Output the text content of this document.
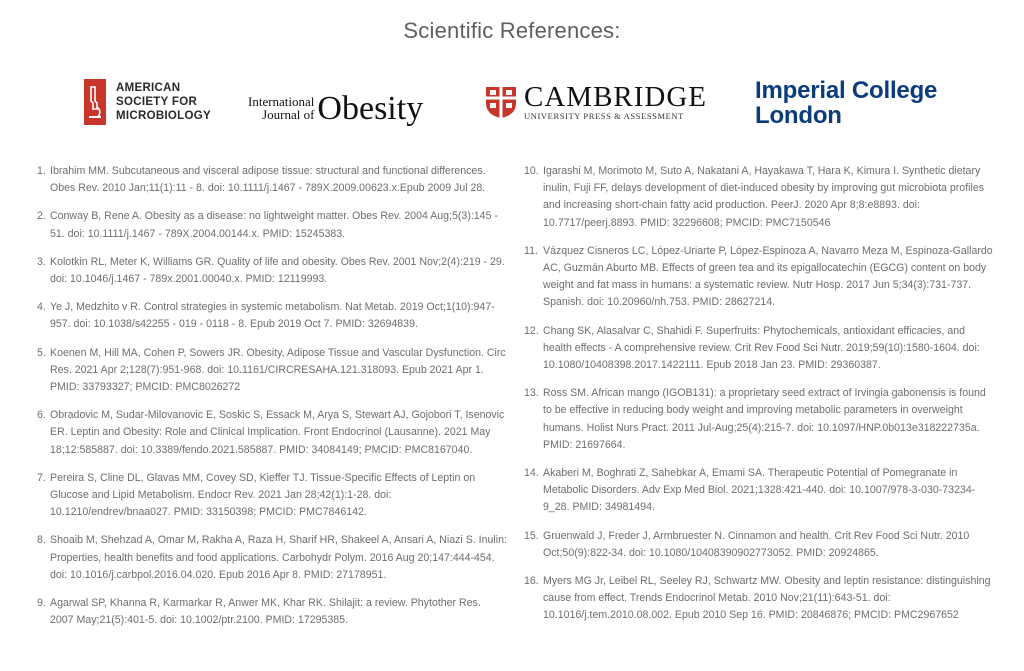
Scientific References:
AMERICAN
SOCIETY FOR
MICROBIOLOGY
International
Journal of Obesity	CAMBRIDGE
UNIVERSITY PRESS & ASSESSMENT
Imperial College
London
1. Ibrahim MM. Subcutaneous and visceral adipose tissue: structural and functional differences. Obes Rev. 2010 Jan;11(1):11 - 8. doi: 10.1111/j.1467 - 789X.2009.00623.x.Epub 2009 Jul 28.
2. Conway B, Rene A. Obesity as a disease: no lightweight matter. Obes Rev. 2004 Aug;5(3):145 - 51. doi: 10.1111/j.1467 - 789X.2004.00144.x. PMID: 15245383.
3. Kolotkin RL, Meter K, Williams GR. Quality of life and obesity. Obes Rev. 2001 Nov;2(4):219 - 29. doi: 10.1046/j.1467 - 789x.2001.00040.x. PMID: 12119993.
4. Ye J, Medzhito v R. Control strategies in systemic metabolism. Nat Metab. 2019 Oct;1(10):947-957. doi: 10.1038/s42255 - 019 - 0118 - 8. Epub 2019 Oct 7. PMID: 32694839.
5. Koenen M, Hill MA, Cohen P, Sowers JR. Obesity, Adipose Tissue and Vascular Dysfunction. Circ Res. 2021 Apr 2;128(7):951-968. doi: 10.1161/CIRCRESAHA.121.318093. Epub 2021 Apr 1. PMID: 33793327; PMCID: PMC8026272
6. Obradovic M, Sudar-Milovanovic E, Soskic S, Essack M, Arya S, Stewart AJ, Gojobori T, Isenovic ER. Leptin and Obesity: Role and Clinical Implication. Front Endocrinol (Lausanne). 2021 May 18;12:585887. doi: 10.3389/fendo.2021.585887. PMID: 34084149; PMCID: PMC8167040.
7. Pereira S, Cline DL, Glavas MM, Covey SD, Kieffer TJ. Tissue-Specific Effects of Leptin on Glucose and Lipid Metabolism. Endocr Rev. 2021 Jan 28;42(1):1-28. doi: 10.1210/endrev/bnaa027. PMID: 33150398; PMCID: PMC7846142.
8. Shoaib M, Shehzad A, Omar M, Rakha A, Raza H, Sharif HR, Shakeel A, Ansari A, Niazi S. Inulin: Properties, health benefits and food applications. Carbohydr Polym. 2016 Aug 20;147:444-454. doi: 10.1016/j.carbpol.2016.04.020. Epub 2016 Apr 8. PMID: 27178951.
9. Agarwal SP, Khanna R, Karmarkar R, Anwer MK, Khar RK. Shilajit: a review. Phytother Res. 2007 May;21(5):401-5. doi: 10.1002/ptr.2100. PMID: 17295385.
10. Igarashi M, Morimoto M, Suto A, Nakatani A, Hayakawa T, Hara K, Kimura I. Synthetic dietary inulin, Fuji FF, delays development of diet-induced obesity by improving gut microbiota profiles and increasing short-chain fatty acid production. PeerJ. 2020 Apr 8;8:e8893. doi: 10.7717/peerj.8893. PMID: 32296608; PMCID: PMC7150546
11. Vázquez Cisneros LC, López-Uriarte P, López-Espinoza A, Navarro Meza M, Espinoza-Gallardo AC, Guzmán Aburto MB. Effects of green tea and its epigallocatechin (EGCG) content on body weight and fat mass in humans: a systematic review. Nutr Hosp. 2017 Jun 5;34(3):731-737. Spanish. doi: 10.20960/nh.753. PMID: 28627214.
12. Chang SK, Alasalvar C, Shahidi F. Superfruits: Phytochemicals, antioxidant efficacies, and health effects - A comprehensive review. Crit Rev Food Sci Nutr. 2019;59(10):1580-1604. doi: 10.1080/10408398.2017.1422111. Epub 2018 Jan 23. PMID: 29360387.
13. Ross SM. African mango (IGOB131): a proprietary seed extract of Irvingia gabonensis is found to be effective in reducing body weight and improving metabolic parameters in overweight humans. Holist Nurs Pract. 2011 Jul-Aug;25(4):215-7. doi: 10.1097/HNP.0b013e318222735a. PMID: 21697664.
14. Akaberi M, Boghrati Z, Sahebkar A, Emami SA. Therapeutic Potential of Pomegranate in Metabolic Disorders. Adv Exp Med Biol. 2021;1328:421-440. doi: 10.1007/978-3-030-73234-9_28. PMID: 34981494.
15. Gruenwald J, Freder J, Armbruester N. Cinnamon and health. Crit Rev Food Sci Nutr. 2010 Oct;50(9):822-34. doi: 10.1080/10408390902773052. PMID: 20924865.
16. Myers MG Jr, Leibel RL, Seeley RJ, Schwartz MW. Obesity and leptin resistance: distinguishing cause from effect. Trends Endocrinol Metab. 2010 Nov;21(11):643-51. doi: 10.1016/j.tem.2010.08.002. Epub 2010 Sep 16. PMID: 20846876; PMCID: PMC2967652
